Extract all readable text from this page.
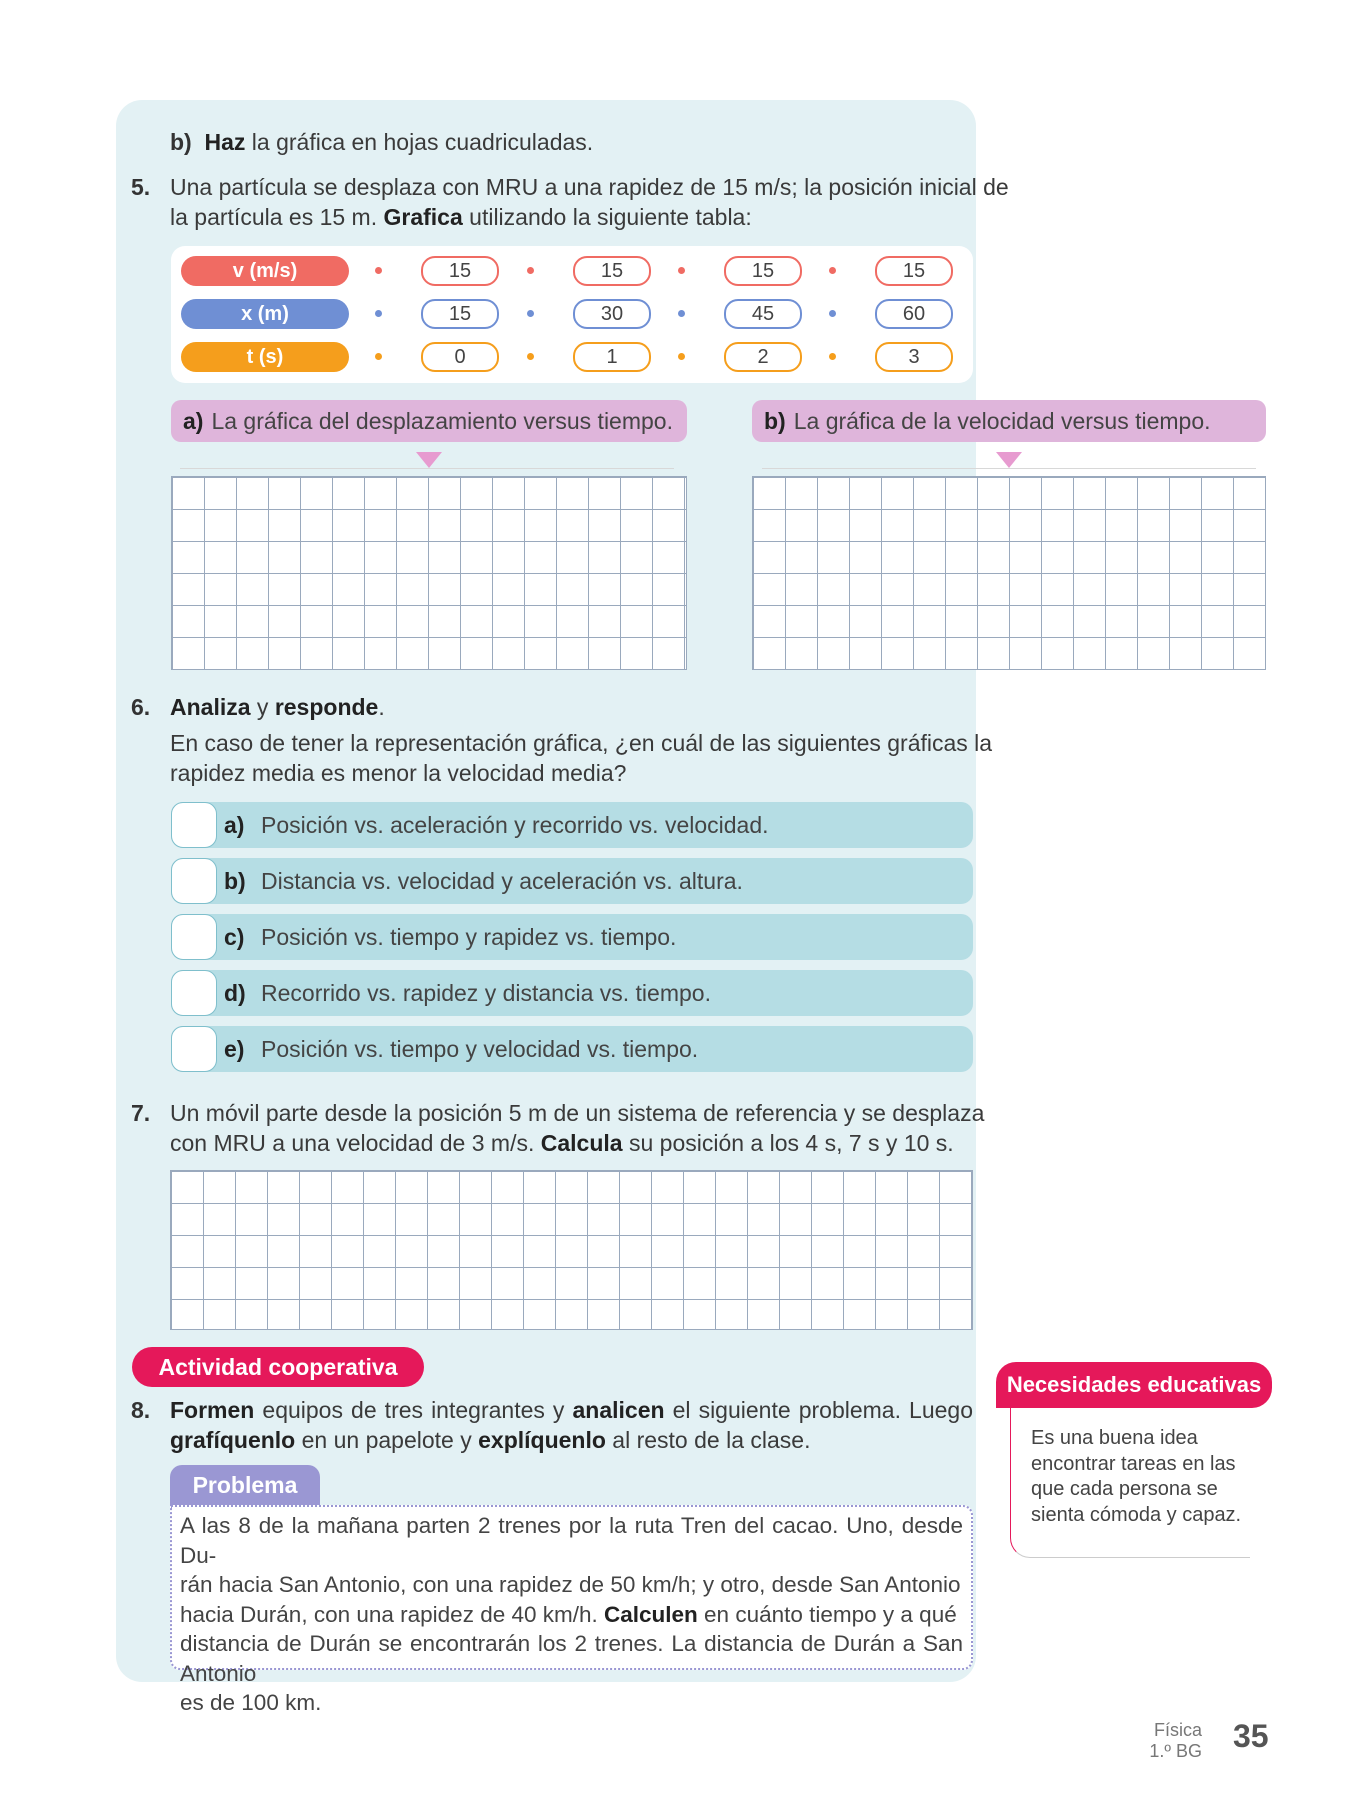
b) Haz la gráfica en hojas cuadriculadas.
5. Una partícula se desplaza con MRU a una rapidez de 15 m/s; la posición inicial de
la partícula es 15 m. Grafica utilizando la siguiente tabla:
v (m/s)	15	15	15	15
x (m)	15	30	45	60
t (s)	0	1	2	3
a) La gráfica del desplazamiento versus tiempo.	b) La gráfica de la velocidad versus tiempo.
6. Analiza y responde.
En caso de tener la representación gráfica, ¿en cuál de las siguientes gráficas la
rapidez media es menor la velocidad media?
a) Posición vs. aceleración y recorrido vs. velocidad.
b) Distancia vs. velocidad y aceleración vs. altura.
c) Posición vs. tiempo y rapidez vs. tiempo.
d) Recorrido vs. rapidez y distancia vs. tiempo.
e) Posición vs. tiempo y velocidad vs. tiempo.
7. Un móvil parte desde la posición 5 m de un sistema de referencia y se desplaza
con MRU a una velocidad de 3 m/s. Calcula su posición a los 4 s, 7 s y 10 s.
Actividad cooperativa
8. Formen equipos de tres integrantes y analicen el siguiente problema. Luego
grafíquenlo en un papelote y explíquenlo al resto de la clase.
Problema
A las 8 de la mañana parten 2 trenes por la ruta Tren del cacao. Uno, desde Du-
rán hacia San Antonio, con una rapidez de 50 km/h; y otro, desde San Antonio
hacia Durán, con una rapidez de 40 km/h. Calculen en cuánto tiempo y a qué
distancia de Durán se encontrarán los 2 trenes. La distancia de Durán a San Antonio
es de 100 km.
Necesidades educativas
Es una buena idea
encontrar tareas en las
que cada persona se
sienta cómoda y capaz.
Física
1.º BG 35
